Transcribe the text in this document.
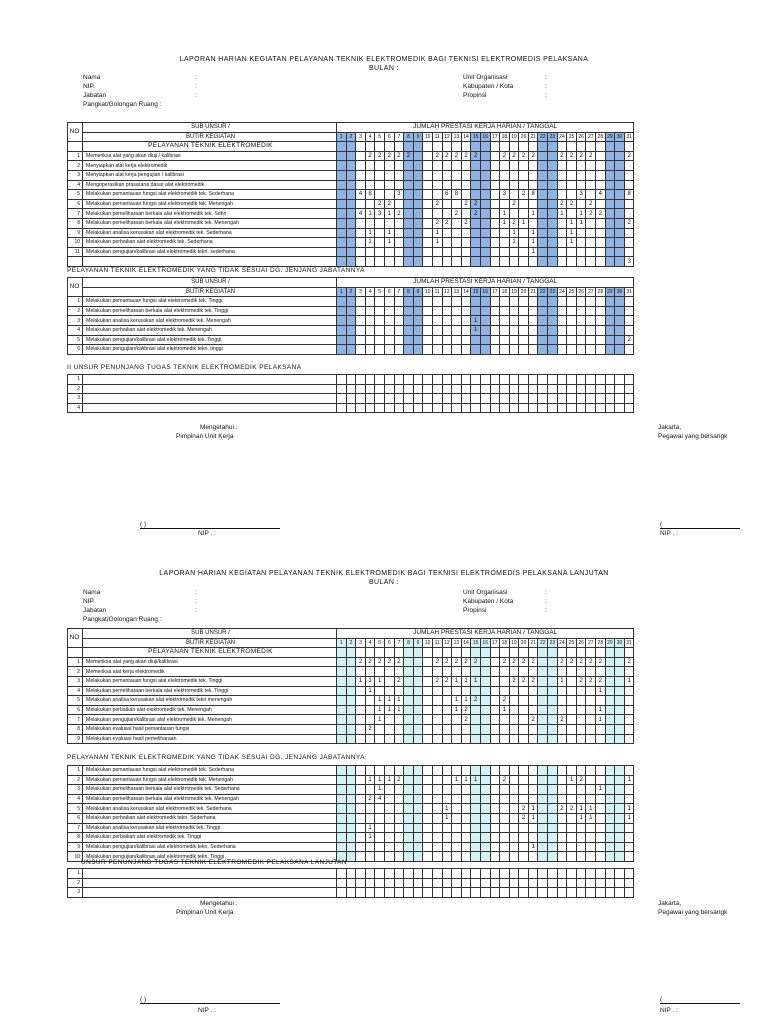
LAPORAN HARIAN KEGIATAN PELAYANAN TEKNIK ELEKTROMEDIK BAGI TEKNISI ELEKTROMEDIS PELAKSANA
BULAN :
Nama	:
NIP.	:
Jabatan	:
Pangkat/Golongan Ruang :
Unit Organisasi	:
Kabupaten / Kota	:
Propinsi	:
NO	SUB UNSUR /	JUMLAH PRESTASI KERJA HARIAN / TANGGAL																														
	BUTIR KEGIATAN	1	2	3	4	5	6	7	8	9	10	11	12	13	14	15	16	17	18	19	20	21	22	23	24	25	26	27	28	29	30	31
	PELAYANAN TEKNIK ELEKTROMEDIK																															
1	Memeriksa alat yang akan diuji / kalibrasi				2	2	2	2	2			2	2	2	2	2			2	2	2	2			2	2	2	2				2
2	Menyiapkan alat kerja elektromedik																															
3	Menyiapkan alat kerja pengujian / kalibrasi																															
4	Mengoperasikan prasarana dasar alat elektromedik																															
5	Melakukan pemantauan fungsi alat elektromedik tek. Sederhana			4	8			3					6	8					3		2	8					3		4			8
6	Melakukan pemantauan fungsi alat elektromedik tek. Menengah					2	2					2			2	2				2					2	2		2				
7	Melakukan pemeliharaan berkala alat elektromedik tek. Sdhn			4	1	3	1	2						2		2			1			1			1		1	2	2			
8	Melakukan pemeliharaan berkala alat elektromedik tek. Menengah											2	2		2				1	2	1					1	1					2
9	Melakukan analisa kerusakan alat elektromedik tek. Sederhana				1		1					1								1		1				1						
10	Melakukan perbaikan alat elektromedik tek. Sederhana				1		1					1								1		1				1						
11	Melakukan pengujian/kalibrasi alat elektromedik tekn. sederhana																					1										
																																3
PELAYANAN TEKNIK ELEKTROMEDIK YANG TIDAK SESUAI DG. JENJANG JABATANNYA
NO	SUB UNSUR /	JUMLAH PRESTASI KERJA HARIAN / TANGGAL																														
	BUTIR KEGIATAN	1	2	3	4	5	6	7	8	9	10	11	12	13	14	15	16	17	18	19	20	21	22	23	24	25	26	27	28	29	30	31
1	Melakukan pemantauan fungsi alat elektromedik tek. Tinggi																															
2	Melakukan pemeliharaan berkala alat elektromedik tek. Tinggi																															
3	Melakukan analisa kerusakan alat elektromedik tek. Menengah															1																
4	Melakukan perbaikan alat elektromedik tek. Menengah															1																
5	Melakukan pengujian/kalibrasi alat elektromedik tek. Tinggi																															2
6	Melakukan pengujian/kalibrasi alat elektromedik tekn. tinggi																															
II UNSUR PENUNJANG TUGAS TEKNIK ELEKTROMEDIK PELAKSANA
1																																
2																																
3																																
4																																
Mengetahui :
Pimpinan Unit Kerja
Jakarta,
Pegawai yang bersangk
( )	(
NIP . :	NIP . :
LAPORAN HARIAN KEGIATAN PELAYANAN TEKNIK ELEKTROMEDIK BAGI TEKNISI ELEKTROMEDIS PELAKSANA LANJUTAN
BULAN :
Nama	:
NIP.	:
Jabatan	:
Pangkat/Golongan Ruang :
Unit Organisasi	:
Kabupaten / Kota	:
Propinsi	:
NO	SUB UNSUR /	JUMLAH PRESTASI KERJA HARIAN / TANGGAL																														
	BUTIR KEGIATAN	1	2	3	4	5	6	7	8	9	10	11	12	13	14	15	16	17	18	19	20	21	22	23	24	25	26	27	28	29	30	31
	PELAYANAN TEKNIK ELEKTROMEDIK																															
1	Memeriksa alat yang akan diuji/kalibrasi			2	2	2	2	2				2	2	2	2	2			2	2	2	2			2	2	2	2	2			2
2	Memeriksa alat kerja elektromedik																															
3	Melakukan pemantauan fungsi alat elektromedik tek. Tinggi			1	1	1		2				2	2	1	1	1				2	2	2			1		2	2	2			1
4	Melakukan pemeliharaan berkala alat elektromedik tek. Tinggi				1																								1			
5	Melakukan analisa kerusakan alat elektromedik tekn.menengah					1	1	1						1	1	2			2													
6	Melakukan perbaikan alat elektromedik tek. Menengah					1	1	1						1	2				1										1			
7	Melakukan pengujian/kalibrasi alat elektromedik tek. Menengah					1									2							2			2				1			
8	Melakukan evaluasi hasil pemantauan fungsi				2																											
9	Melakukan evaluasi hasil pemeliharaan																															
PELAYANAN TEKNIK ELEKTROMEDIK YANG TIDAK SESUAI DG. JENJANG JABATANNYA
1	Melakukan pemantauan fungsi alat elektromedik tek. Sederhana																															
2	Melakukan pemantauan fungsi alat elektromedik tek. Menengah				1	1	1	2						1	1	1			2							1	2					1
3	Melakukan pemeliharaan berkala alat elektromedik tek. Sederhana					1																							1			
4	Melakukan pemeliharaan berkala alat elektromedik tek. Menengah				2	4																										
5	Melakukan analisa kerusakan alat elektromedik tek. Sederhana												1								2	1			2	2	1	1				1
6	Melakukan perbaikan alat elektromedik tekn. Sederhana												1								2	1					1	1				1
7	Melakukan analisa kerusakan alat elektromedik tek. Tinggi				1																											
8	Melakukan perbaikan alat elektromedik tek. Tinggi				1																											
9	Melakukan pengujian/kalibrasi alat elektromedik tekn. Sederhana																					1										
10	Melakukan pengujian/kalibrasi alat elektromedik tekn. Tinggi																															
UNSUR PENUNJANG TUGAS TEKNIK ELEKTROMEDIK PELAKSANA LANJUTAN
1																																
2																																
3																																
Mengetahui :
Pimpinan Unit Kerja
Jakarta,
Pegawai yang bersangk
( )	(
NIP . :	NIP . :
